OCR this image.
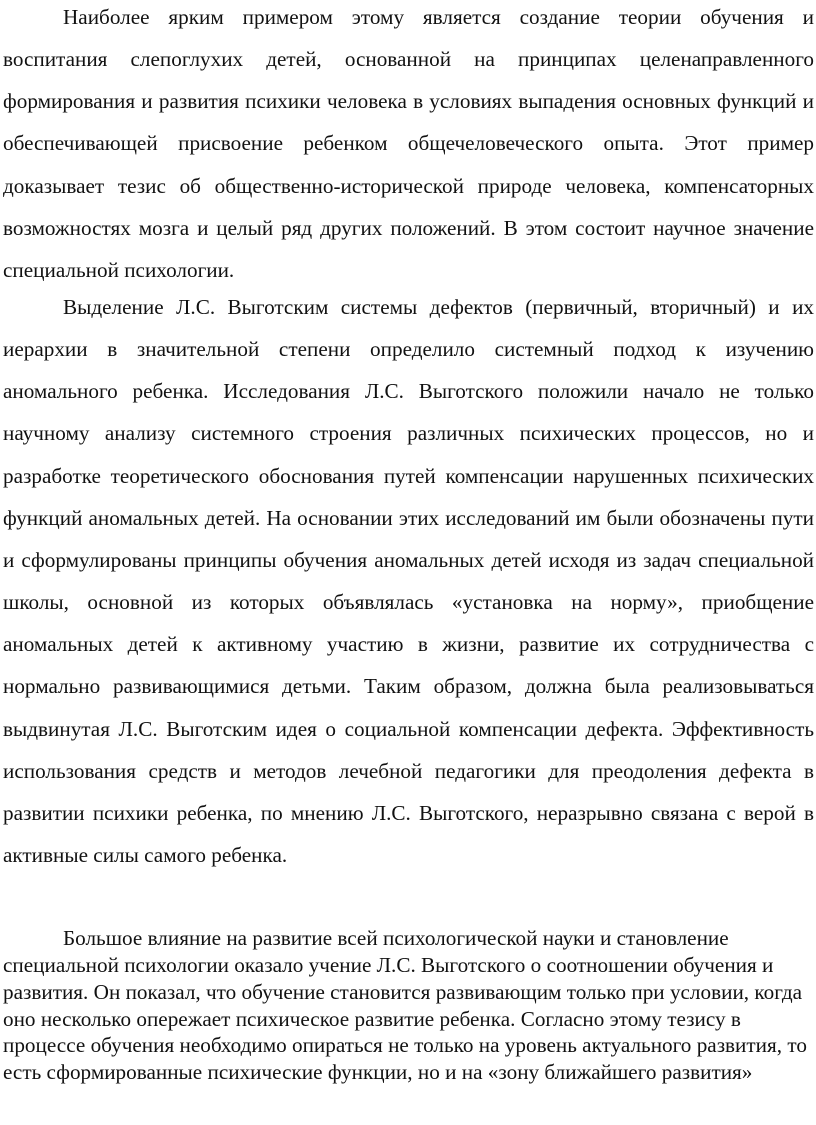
Наиболее ярким примером этому является создание теории обучения и воспитания слепоглухих детей, основанной на принципах целенаправленного формирования и развития психики человека в условиях выпадения основных функций и обеспечивающей присвоение ребенком общечеловеческого опыта. Этот пример доказывает тезис об общественно-исторической природе человека, компенсаторных возможностях мозга и целый ряд других положений. В этом состоит научное значение специальной психологии.

Выделение Л.С. Выготским системы дефектов (первичный, вторичный) и их иерархии в значительной степени определило системный подход к изучению аномального ребенка. Исследования Л.С. Выготского положили начало не только научному анализу системного строения различных психических процессов, но и разработке теоретического обоснования путей компенсации нарушенных психических функций аномальных детей. На основании этих исследований им были обозначены пути и сформулированы принципы обучения аномальных детей исходя из задач специальной школы, основной из которых объявлялась «установка на норму», приобщение аномальных детей к активному участию в жизни, развитие их сотрудничества с нормально развивающимися детьми. Таким образом, должна была реализовываться выдвинутая Л.С. Выготским идея о социальной компенсации дефекта. Эффективность использования средств и методов лечебной педагогики для преодоления дефекта в развитии психики ребенка, по мнению Л.С. Выготского, неразрывно связана с верой в активные силы самого ребенка.

Большое влияние на развитие всей психологической науки и становление специальной психологии оказало учение Л.С. Выготского о соотношении обучения и развития. Он показал, что обучение становится развивающим только при условии, когда оно несколько опережает психическое развитие ребенка. Согласно этому тезису в процессе обучения необходимо опираться не только на уровень актуального развития, то есть сформированные психические функции, но и на «зону ближайшего развития»
